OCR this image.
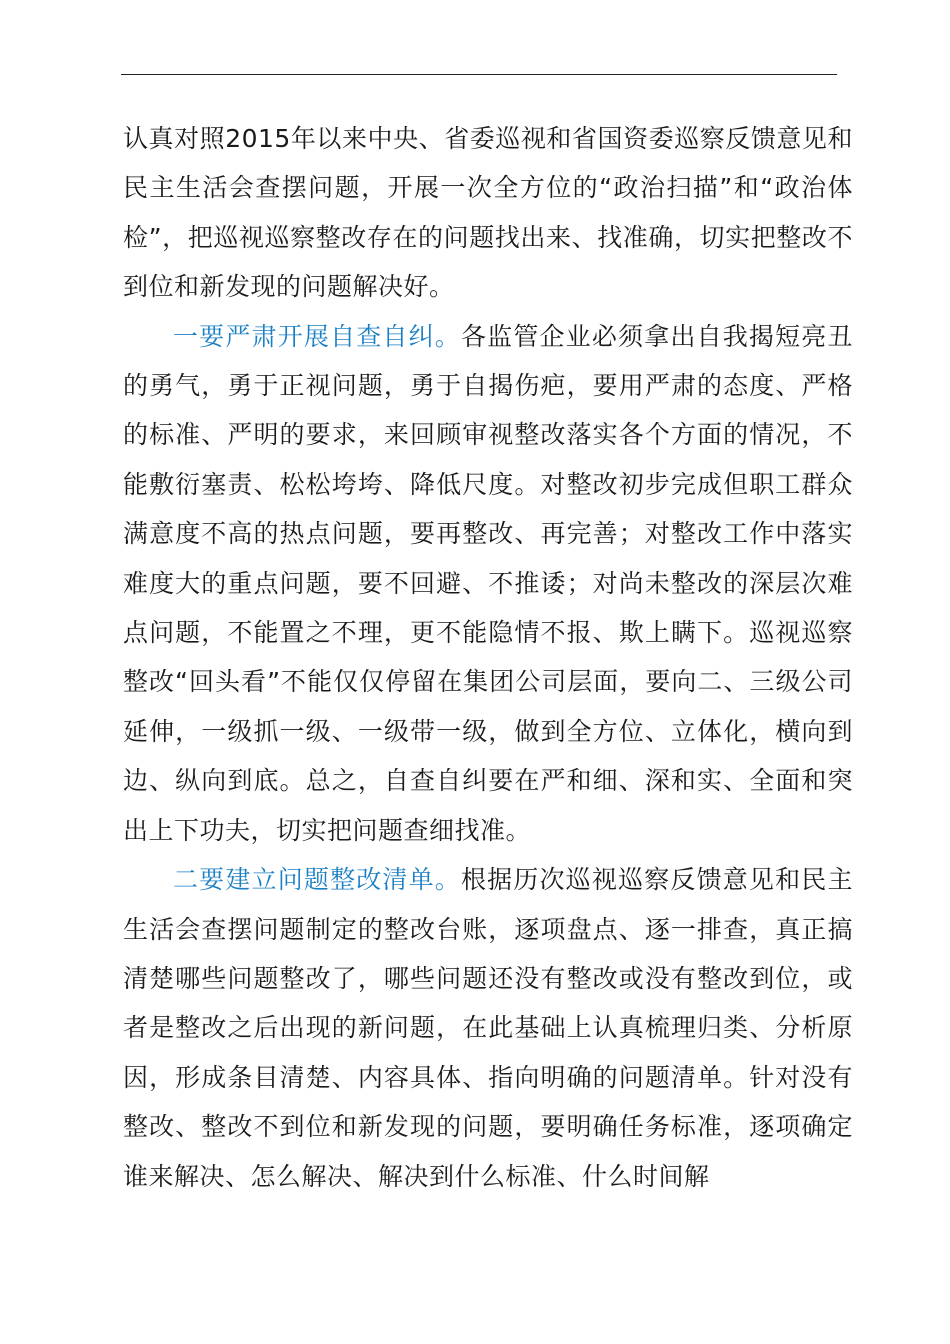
认真对照2015年以来中央、省委巡视和省国资委巡察反馈意见和民主生活会查摆问题，开展一次全方位的“政治扫描”和“政治体检”，把巡视巡察整改存在的问题找出来、找准确，切实把整改不到位和新发现的问题解决好。

一要严肃开展自查自纠。各监管企业必须拿出自我揭短亮丑的勇气，勇于正视问题，勇于自揭伤疤，要用严肃的态度、严格的标准、严明的要求，来回顾审视整改落实各个方面的情况，不能敷衍塞责、松松垮垮、降低尺度。对整改初步完成但职工群众满意度不高的热点问题，要再整改、再完善；对整改工作中落实难度大的重点问题，要不回避、不推诿；对尚未整改的深层次难点问题，不能置之不理，更不能隐情不报、欺上瞒下。巡视巡察整改“回头看”不能仅仅停留在集团公司层面，要向二、三级公司延伸，一级抓一级、一级带一级，做到全方位、立体化，横向到边、纵向到底。总之，自查自纠要在严和细、深和实、全面和突出上下功夫，切实把问题查细找准。

二要建立问题整改清单。根据历次巡视巡察反馈意见和民主生活会查摆问题制定的整改台账，逐项盘点、逐一排查，真正搞清楚哪些问题整改了，哪些问题还没有整改或没有整改到位，或者是整改之后出现的新问题，在此基础上认真梳理归类、分析原因，形成条目清楚、内容具体、指向明确的问题清单。针对没有整改、整改不到位和新发现的问题，要明确任务标准，逐项确定谁来解决、怎么解决、解决到什么标准、什么时间解
